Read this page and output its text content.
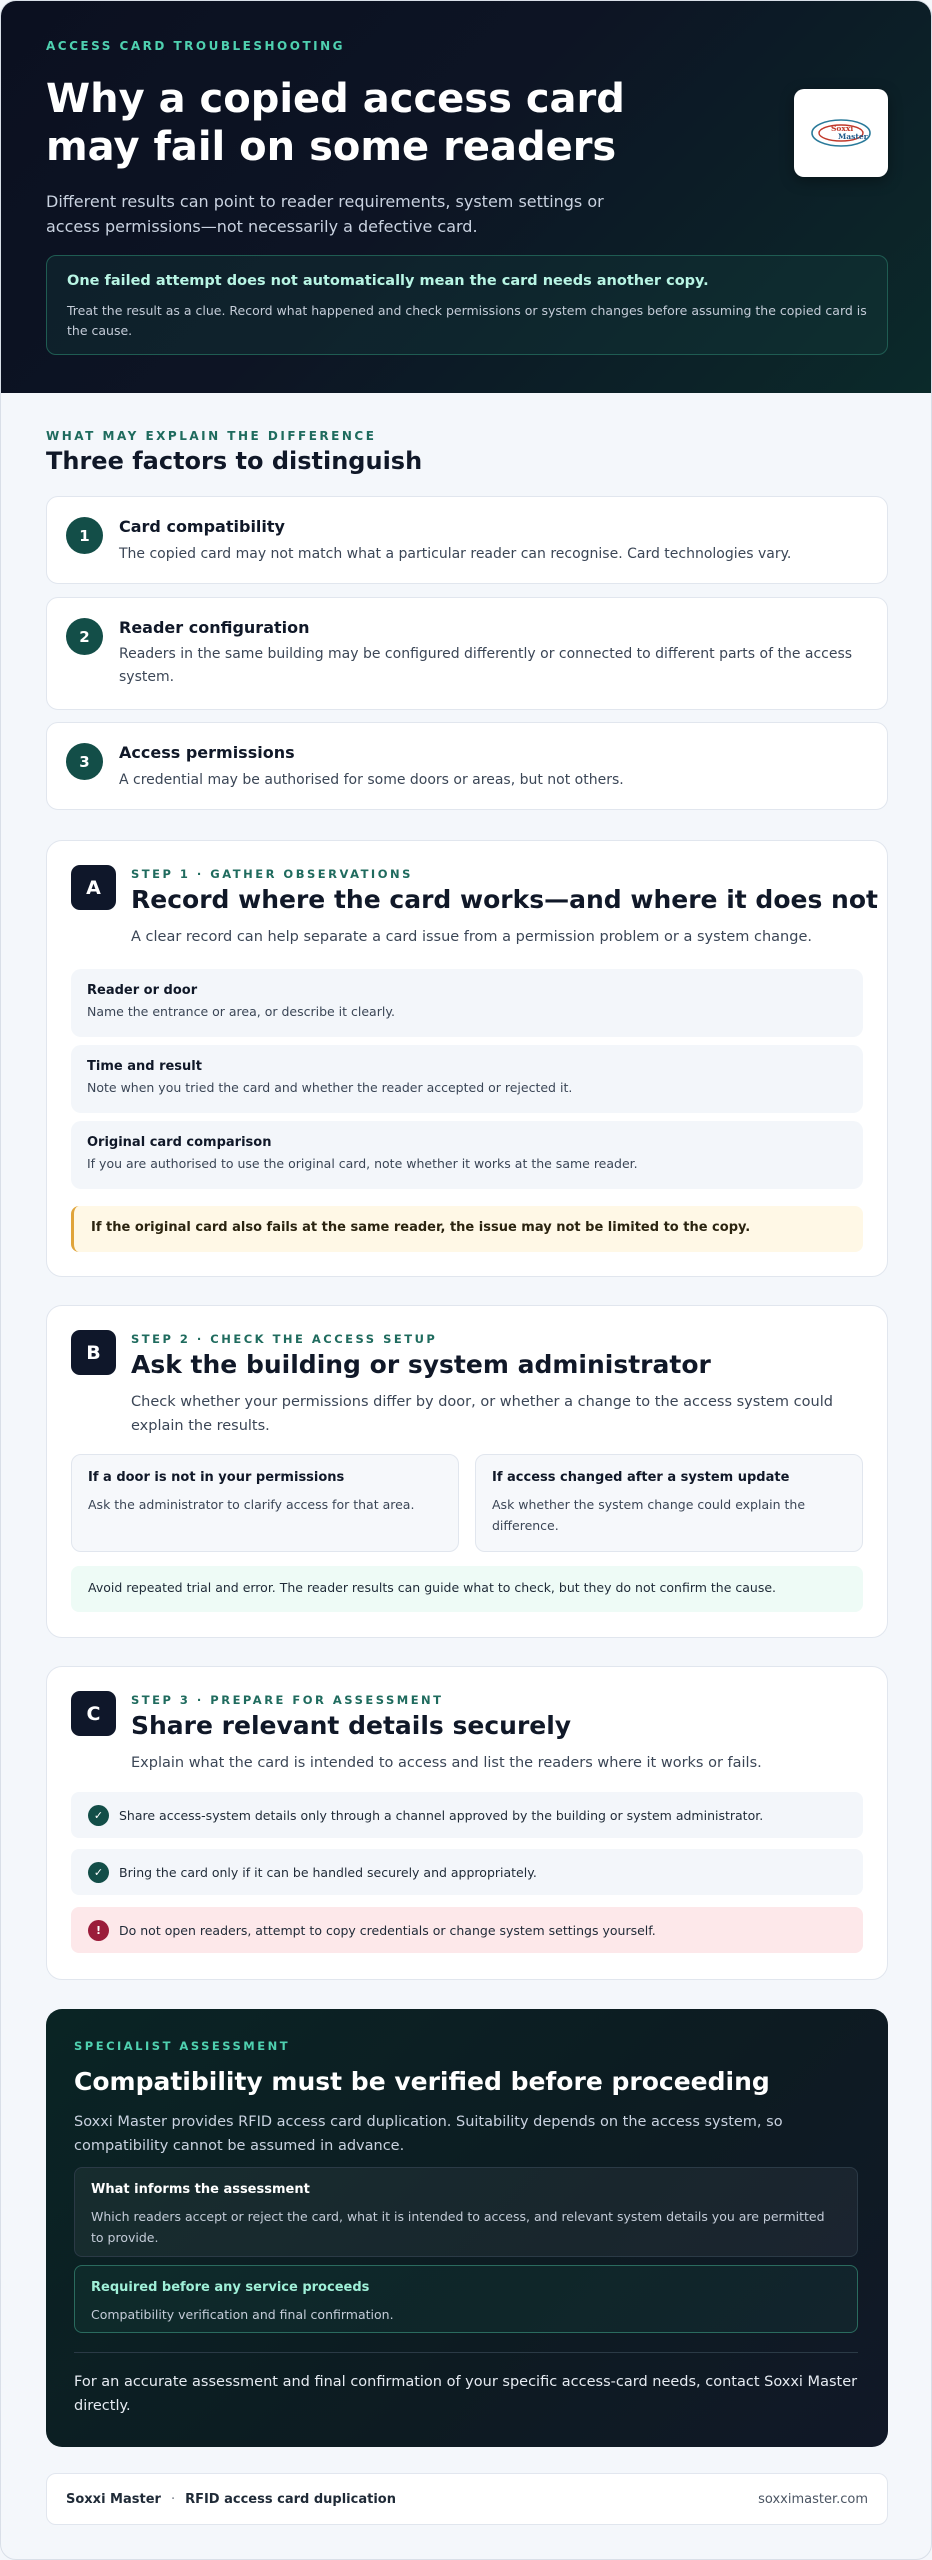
ACCESS CARD TROUBLESHOOTING
Why a copied access card may fail on some readers

Different results can point to reader requirements, system settings or access permissions—not necessarily a defective card.

Soxxi
Master
One failed attempt does not automatically mean the card needs another copy.
Treat the result as a clue. Record what happened and check permissions or system changes before assuming the copied card is the cause.
WHAT MAY EXPLAIN THE DIFFERENCE
Three factors to distinguish
1	Card compatibility
The copied card may not match what a particular reader can recognise. Card technologies vary.
2	Reader configuration
Readers in the same building may be configured differently or connected to different parts of the access system.
3	Access permissions
A credential may be authorised for some doors or areas, but not others.
A
STEP 1 · GATHER OBSERVATIONS
Record where the card works—and where it does not
A clear record can help separate a card issue from a permission problem or a system change.
Reader or door
Name the entrance or area, or describe it clearly.
Time and result
Note when you tried the card and whether the reader accepted or rejected it.
Original card comparison
If you are authorised to use the original card, note whether it works at the same reader.
If the original card also fails at the same reader, the issue may not be limited to the copy.
B
STEP 2 · CHECK THE ACCESS SETUP
Ask the building or system administrator
Check whether your permissions differ by door, or whether a change to the access system could explain the results.
If a door is not in your permissions
Ask the administrator to clarify access for that area.
If access changed after a system update
Ask whether the system change could explain the difference.
Avoid repeated trial and error. The reader results can guide what to check, but they do not confirm the cause.
C
STEP 3 · PREPARE FOR ASSESSMENT
Share relevant details securely
Explain what the card is intended to access and list the readers where it works or fails.
✓	Share access-system details only through a channel approved by the building or system administrator.
✓	Bring the card only if it can be handled securely and appropriately.
!	Do not open readers, attempt to copy credentials or change system settings yourself.
SPECIALIST ASSESSMENT
Compatibility must be verified before proceeding

Soxxi Master provides RFID access card duplication. Suitability depends on the access system, so compatibility cannot be assumed in advance.

What informs the assessment
Which readers accept or reject the card, what it is intended to access, and relevant system details you are permitted to provide.
Required before any service proceeds
Compatibility verification and final confirmation.

For an accurate assessment and final confirmation of your specific access-card needs, contact Soxxi Master directly.

Soxxi Master · RFID access card duplication	soxximaster.com
